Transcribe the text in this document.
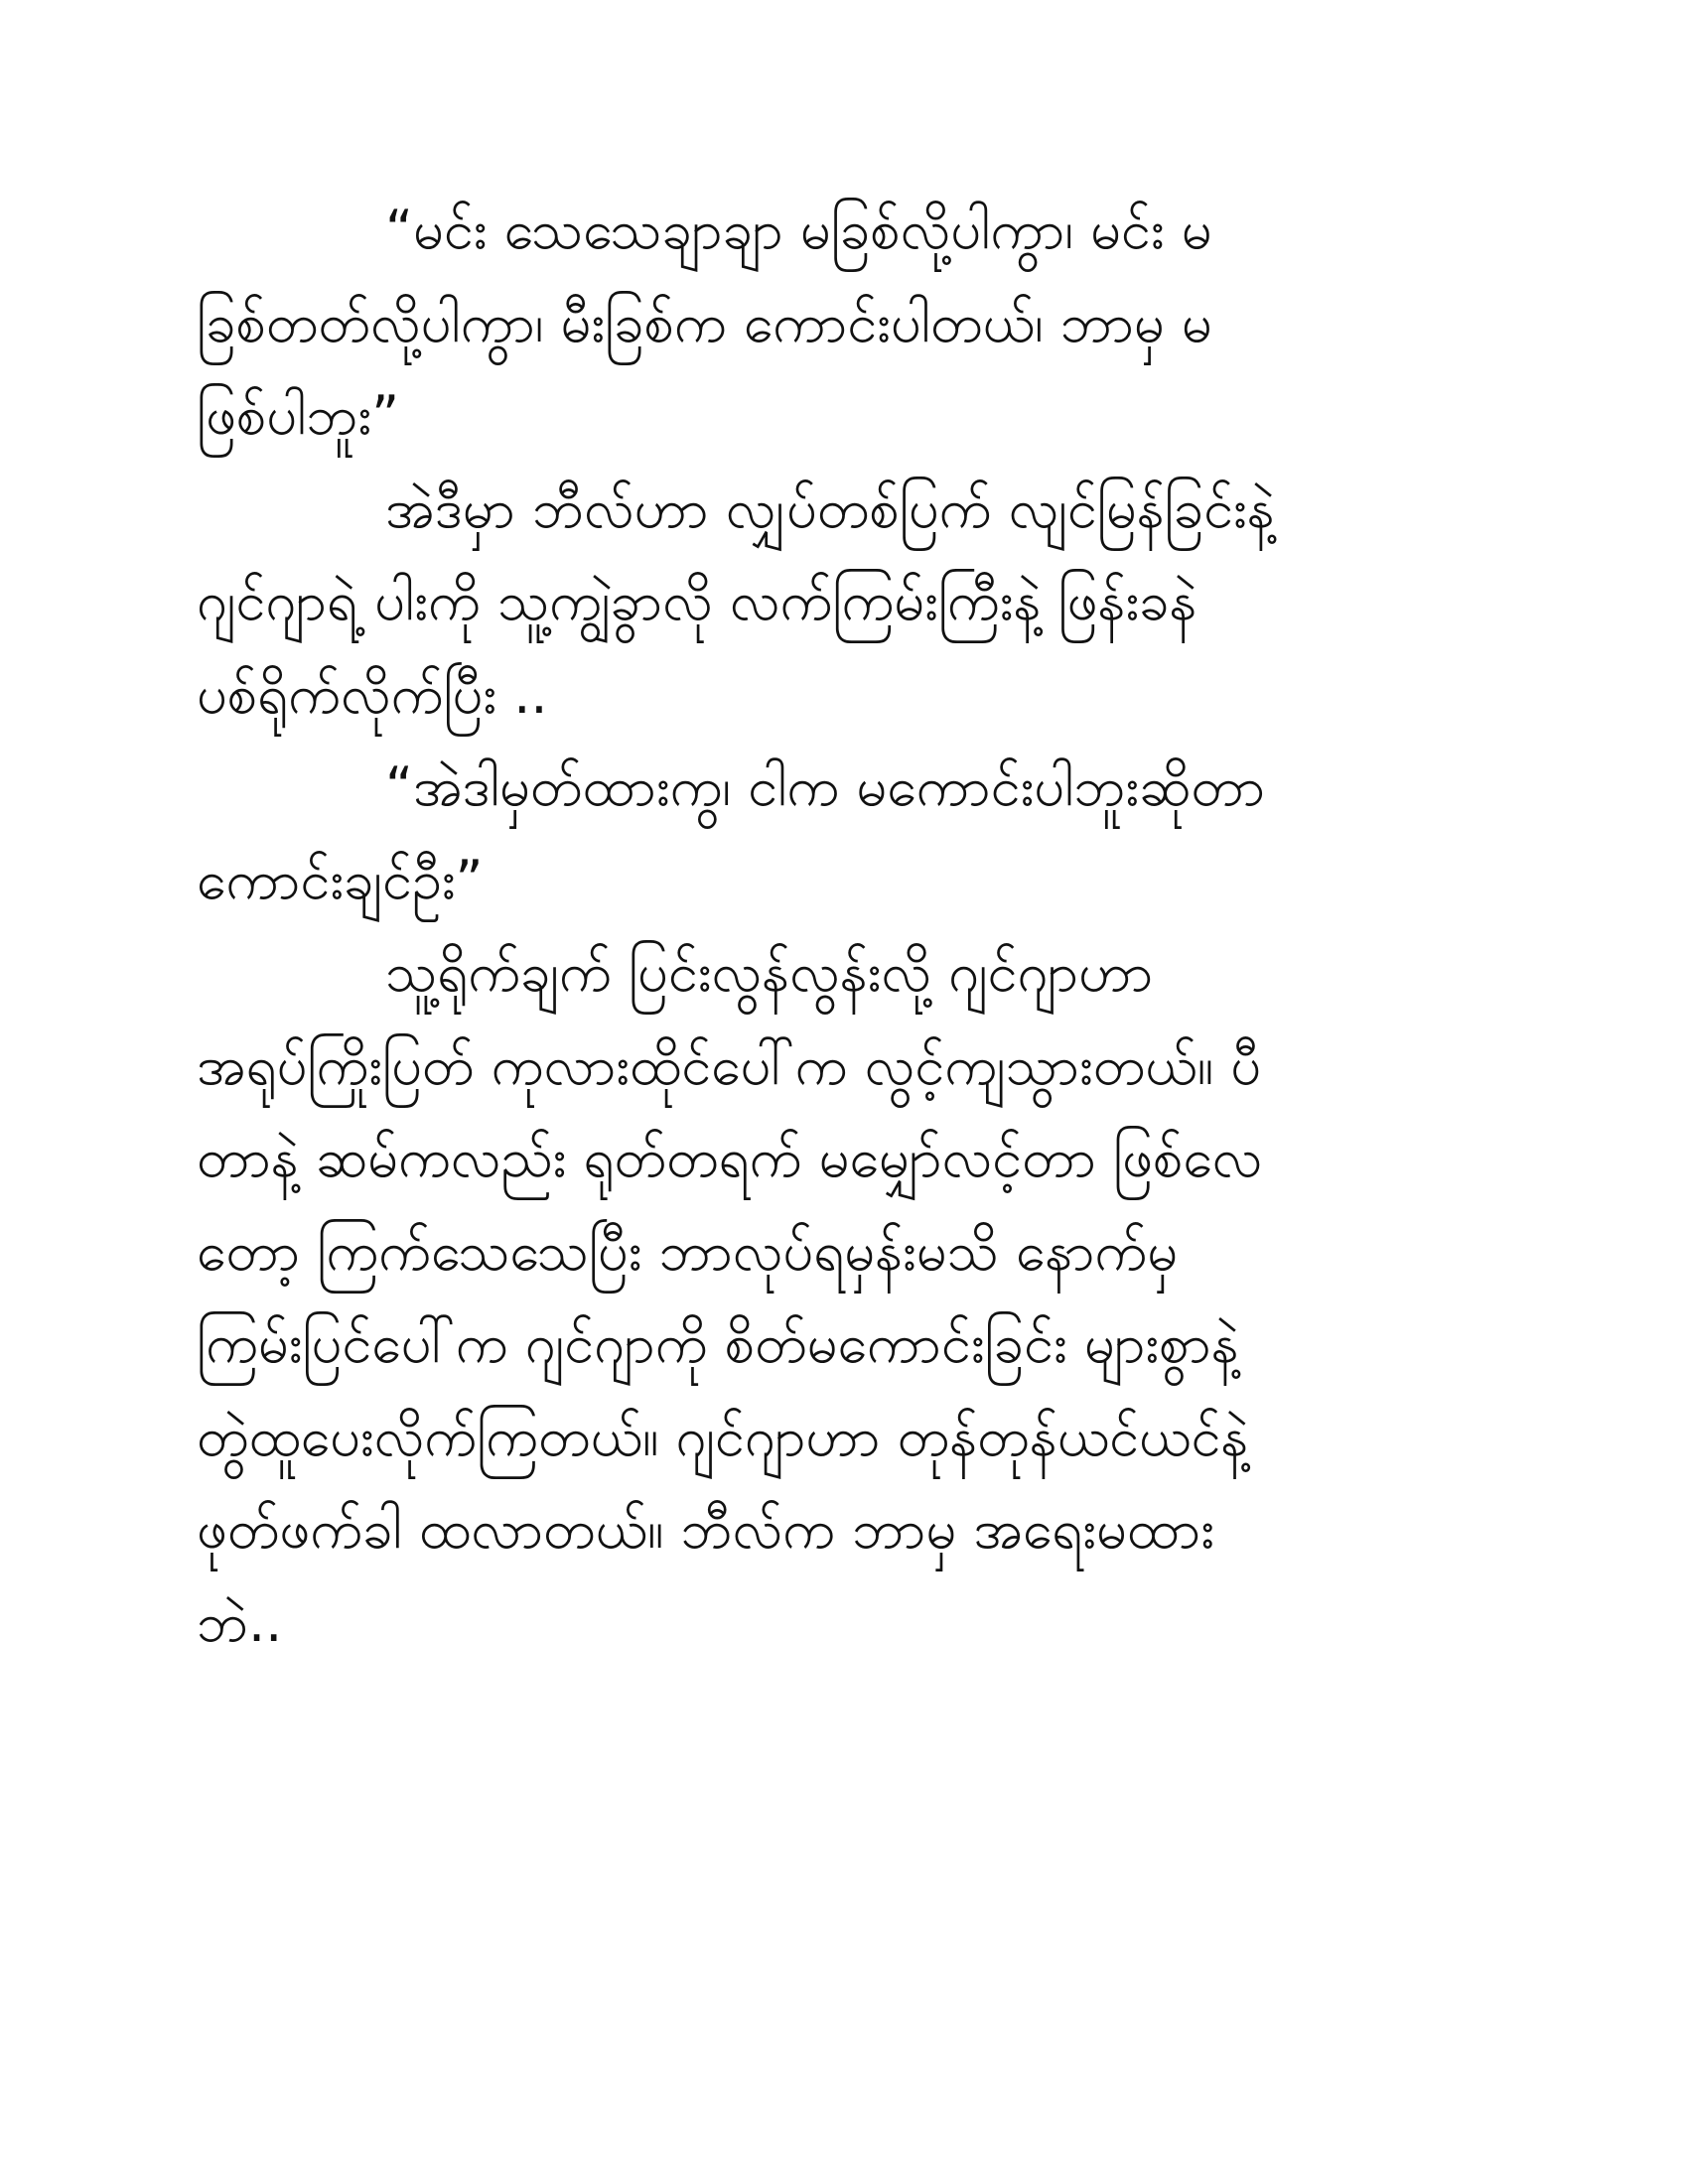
“မင်း သေသေချာချာ မခြစ်လို့ပါကွာ၊ မင်း မ
ခြစ်တတ်လို့ပါကွာ၊ မီးခြစ်က ကောင်းပါတယ်၊ ဘာမှ မ
ဖြစ်ပါဘူး”
အဲဒီမှာ ဘီလ်ဟာ လျှပ်တစ်ပြက် လျင်မြန်ခြင်းနဲ့
ဂျင်ဂျာရဲ့ ပါးကို သူ့ကျွဲခွာလို လက်ကြမ်းကြီးနဲ့ ဖြန်းခနဲ
ပစ်ရိုက်လိုက်ပြီး ..
“အဲဒါမှတ်ထားကွ၊ ငါက မကောင်းပါဘူးဆိုတာ
ကောင်းချင်ဦး”
သူ့ရိုက်ချက် ပြင်းလွန်လွန်းလို့ ဂျင်ဂျာဟာ
အရုပ်ကြိုးပြတ် ကုလားထိုင်ပေါ်က လွင့်ကျသွားတယ်။ ပီ
တာနဲ့ ဆမ်ကလည်း ရုတ်တရက် မမျှော်လင့်တာ ဖြစ်လေ
တော့ ကြက်သေသေပြီး ဘာလုပ်ရမှန်းမသိ နောက်မှ
ကြမ်းပြင်ပေါ်က ဂျင်ဂျာကို စိတ်မကောင်းခြင်း များစွာနဲ့
တွဲထူပေးလိုက်ကြတယ်။ ဂျင်ဂျာဟာ တုန်တုန်ယင်ယင်နဲ့
ဖုတ်ဖက်ခါ ထလာတယ်။ ဘီလ်က ဘာမှ အရေးမထား
ဘဲ..
